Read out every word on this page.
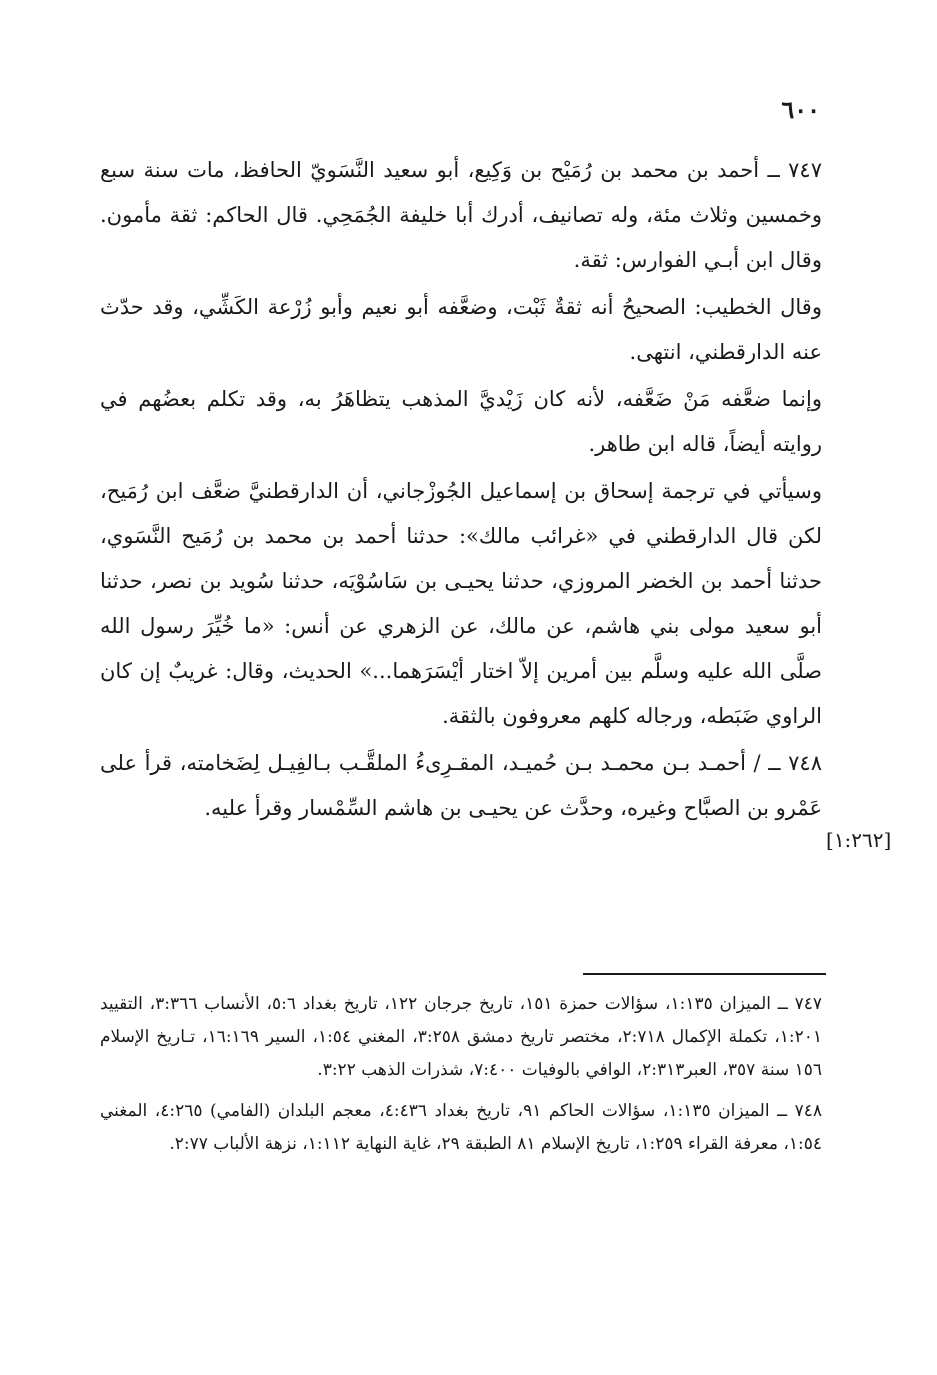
٦٠٠
[١:٢٦٢]

٧٤٧ ــ أحمد بن محمد بن رُمَيْح بن وَكِيع، أبو سعيد النَّسَويّ الحافظ، مات سنة سبع وخمسين وثلاث مئة، وله تصانيف، أدرك أبا خليفة الجُمَحِي. قال الحاكم: ثقة مأمون. وقال ابن أبـي الفوارس: ثقة.

وقال الخطيب: الصحيحُ أنه ثقةٌ ثَبْت، وضعَّفه أبو نعيم وأبو زُرْعة الكَشِّي، وقد حدّث عنه الدارقطني، انتهى.

وإنما ضعَّفه مَنْ ضَعَّفه، لأنه كان زَيْديَّ المذهب يتظاهَرُ به، وقد تكلم بعضُهم في روايته أيضاً، قاله ابن طاهر.

وسيأتي في ترجمة إسحاق بن إسماعيل الجُوزْجاني، أن الدارقطنيَّ ضعَّف ابن رُمَيح، لكن قال الدارقطني في «غرائب مالك»: حدثنا أحمد بن محمد بن رُمَيح النَّسَوي، حدثنا أحمد بن الخضر المروزي، حدثنا يحيـى بن سَاسُوْيَه، حدثنا سُويد بن نصر، حدثنا أبو سعيد مولى بني هاشم، عن مالك، عن الزهري عن أنس: «ما خُيِّرَ رسول الله صلَّى الله عليه وسلَّم بين أمرين إلاّ اختار أيْسَرَهما...» الحديث، وقال: غريبٌ إن كان الراوي ضَبَطه، ورجاله كلهم معروفون بالثقة.

٧٤٨ ــ / أحمـد بـن محمـد بـن حُميـد، المقـرِىءُ الملقَّـب بـالفِيـل لِضَخامته، قرأ على عَمْرو بن الصبَّاح وغيره، وحدَّث عن يحيـى بن هاشم السِّمْسار وقرأ عليه.

٧٤٧ ــ الميزان ١:١٣٥، سؤالات حمزة ١٥١، تاريخ جرجان ١٢٢، تاريخ بغداد ٥:٦، الأنساب ٣:٣٦٦، التقييد ١:٢٠١، تكملة الإكمال ٢:٧١٨، مختصر تاريخ دمشق ٣:٢٥٨، المغني ١:٥٤، السير ١٦:١٦٩، تـاريخ الإسلام ١٥٦ سنة ٣٥٧، العبر٢:٣١٣، الوافي بالوفيات ٧:٤٠٠، شذرات الذهب ٣:٢٢.

٧٤٨ ــ الميزان ١:١٣٥، سؤالات الحاكم ٩١، تاريخ بغداد ٤:٤٣٦، معجم البلدان (الفامي) ٤:٢٦٥، المغني ١:٥٤، معرفة القراء ١:٢٥٩، تاريخ الإسلام ٨١ الطبقة ٢٩، غاية النهاية ١:١١٢، نزهة الألباب ٢:٧٧.
